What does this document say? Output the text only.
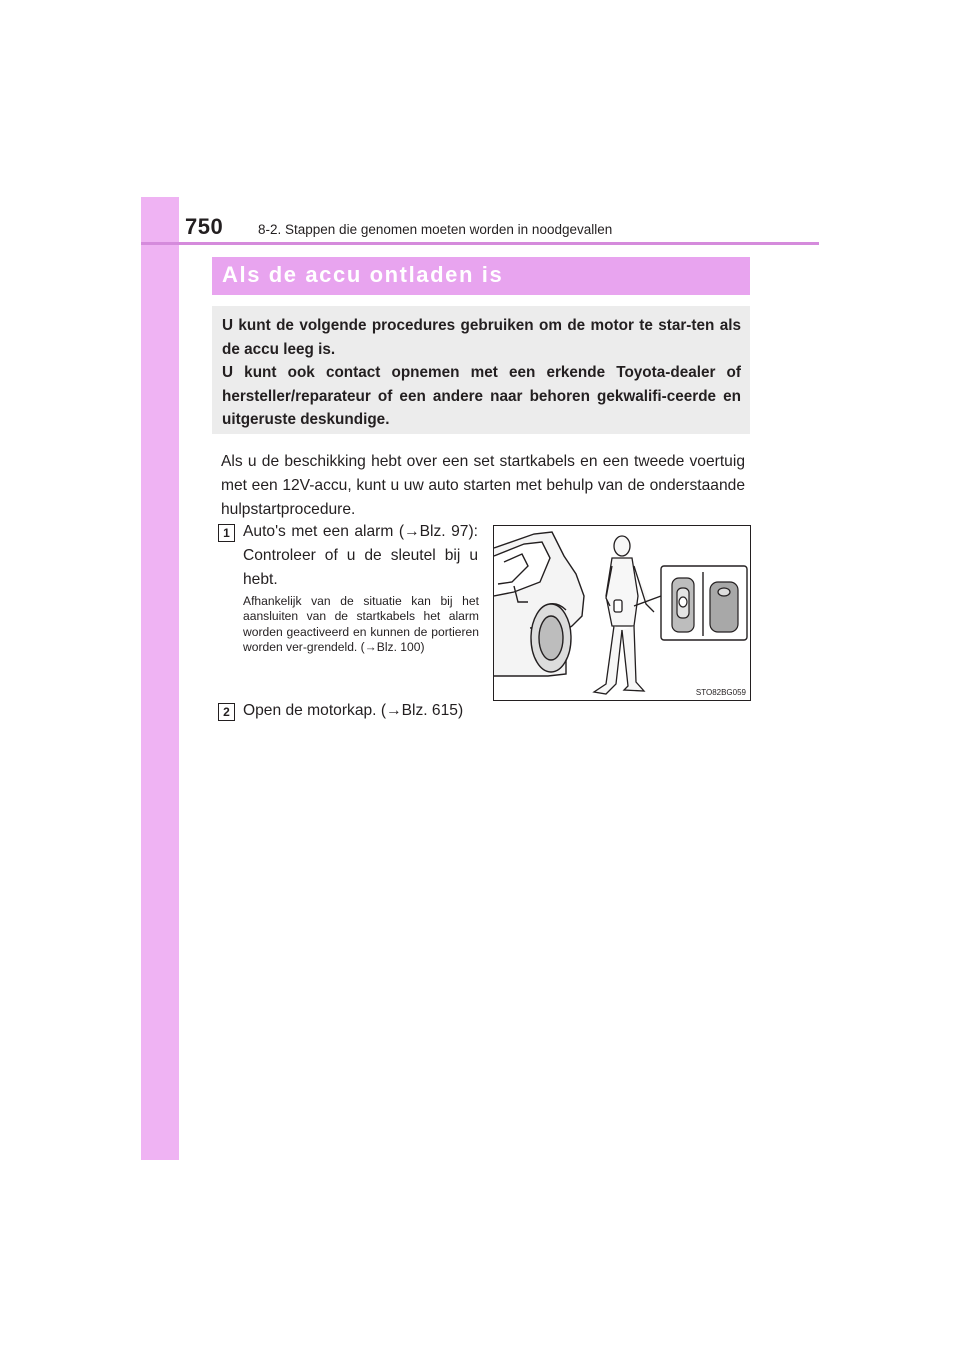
750	8-2. Stappen die genomen moeten worden in noodgevallen
Als de accu ontladen is

U kunt de volgende procedures gebruiken om de motor te star-ten als de accu leeg is.
U kunt ook contact opnemen met een erkende Toyota-dealer of hersteller/reparateur of een andere naar behoren gekwalifi-ceerde en uitgeruste deskundige.

Als u de beschikking hebt over een set startkabels en een tweede voertuig met een 12V-accu, kunt u uw auto starten met behulp van de onderstaande hulpstartprocedure.

1 Auto's met een alarm (→Blz. 97): Controleer of u de sleutel bij u hebt.

Afhankelijk van de situatie kan bij het aansluiten van de startkabels het alarm worden geactiveerd en kunnen de portieren worden ver-grendeld. (→Blz. 100)

STO82BG059
2 Open de motorkap. (→Blz. 615)
